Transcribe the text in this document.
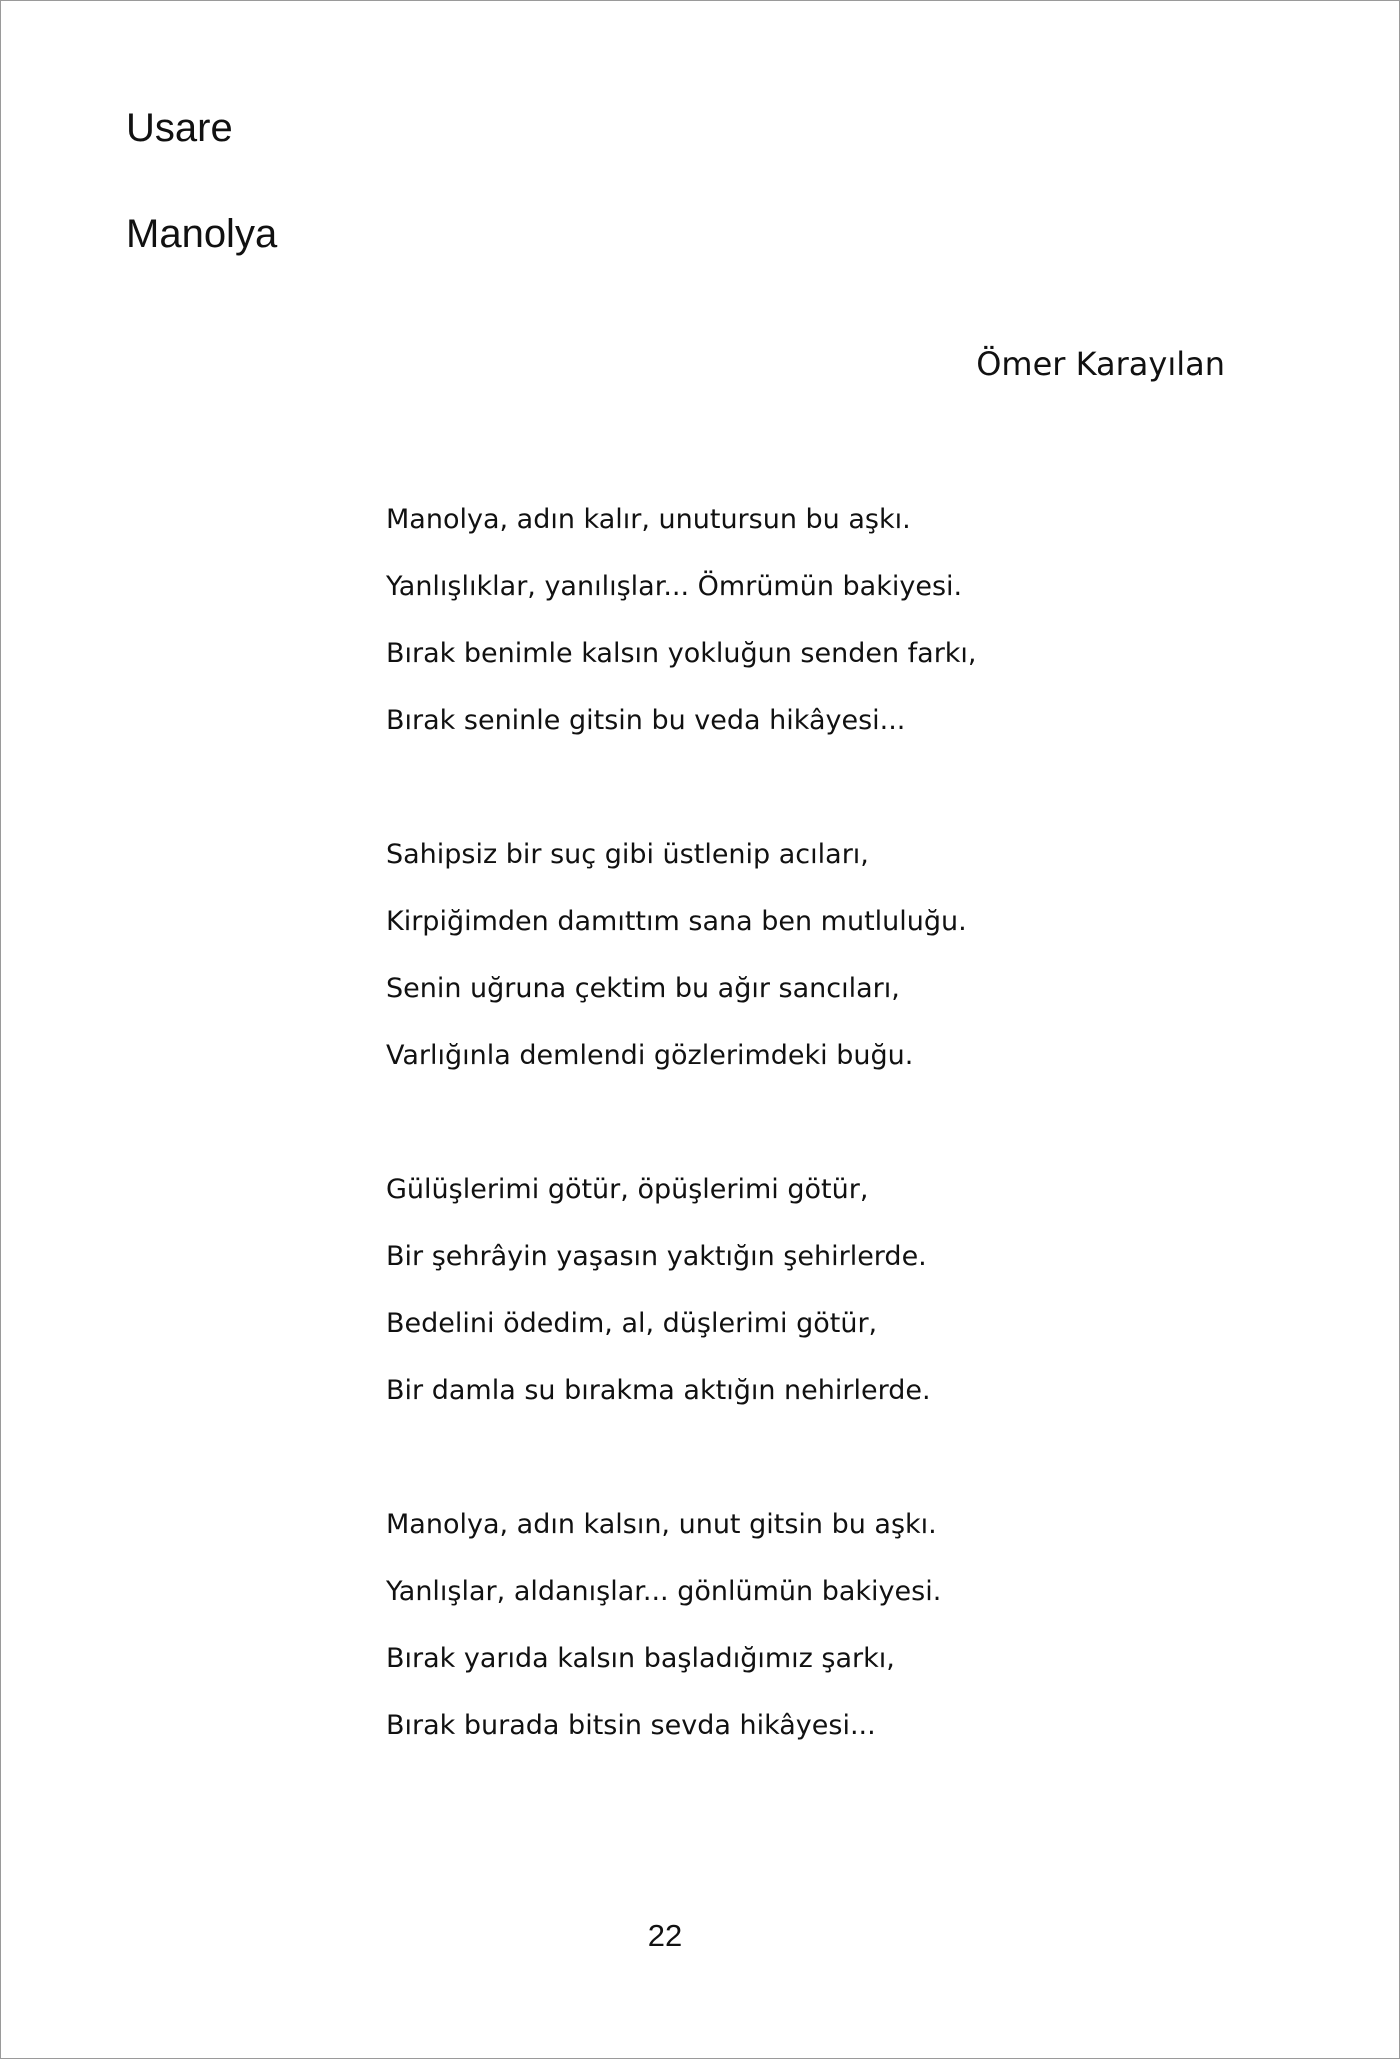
Usare
Manolya
Ömer Karayılan
Manolya, adın kalır, unutursun bu aşkı.
Yanlışlıklar, yanılışlar... Ömrümün bakiyesi.
Bırak benimle kalsın yokluğun senden farkı,
Bırak seninle gitsin bu veda hikâyesi...
Sahipsiz bir suç gibi üstlenip acıları,
Kirpiğimden damıttım sana ben mutluluğu.
Senin uğruna çektim bu ağır sancıları,
Varlığınla demlendi gözlerimdeki buğu.
Gülüşlerimi götür, öpüşlerimi götür,
Bir şehrâyin yaşasın yaktığın şehirlerde.
Bedelini ödedim, al, düşlerimi götür,
Bir damla su bırakma aktığın nehirlerde.
Manolya, adın kalsın, unut gitsin bu aşkı.
Yanlışlar, aldanışlar... gönlümün bakiyesi.
Bırak yarıda kalsın başladığımız şarkı,
Bırak burada bitsin sevda hikâyesi...
22
